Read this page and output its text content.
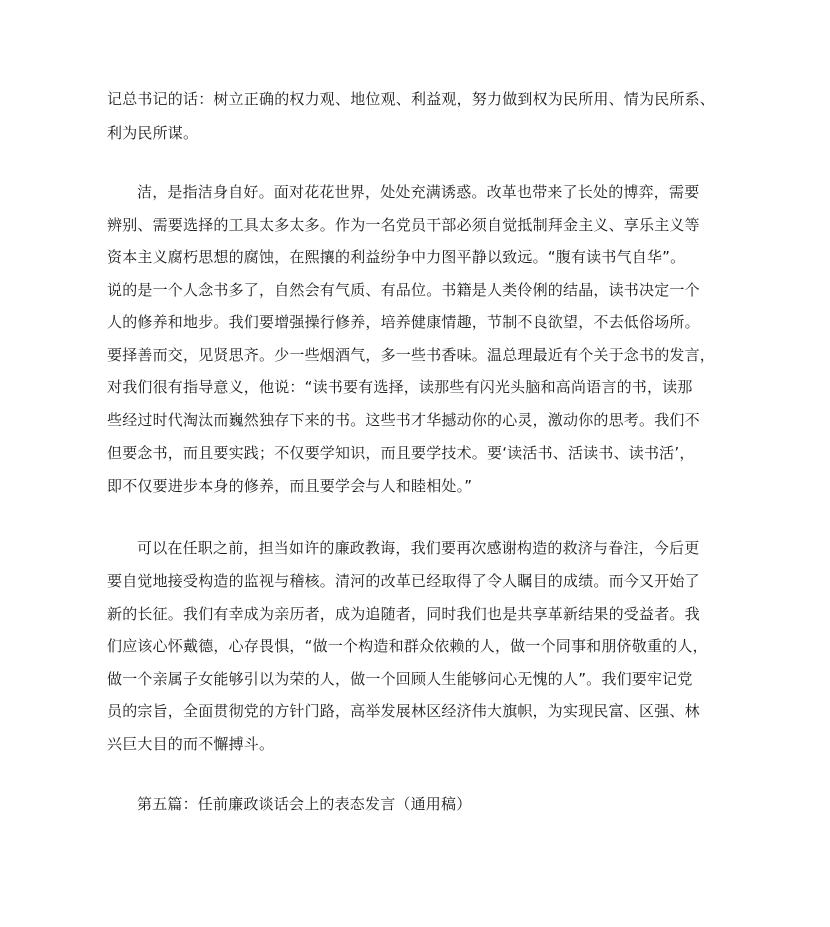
记总书记的话：树立正确的权力观、地位观、利益观，努力做到权为民所用、情为民所系、
利为民所谋。
洁，是指洁身自好。面对花花世界，处处充满诱惑。改革也带来了长处的博弈，需要
辨别、需要选择的工具太多太多。作为一名党员干部必须自觉抵制拜金主义、享乐主义等
资本主义腐朽思想的腐蚀，在熙攘的利益纷争中力图平静以致远。“腹有读书气自华”。
说的是一个人念书多了，自然会有气质、有品位。书籍是人类伶俐的结晶，读书决定一个
人的修养和地步。我们要增强操行修养，培养健康情趣，节制不良欲望，不去低俗场所。
要择善而交，见贤思齐。少一些烟酒气，多一些书香味。温总理最近有个关于念书的发言，
对我们很有指导意义，他说：“读书要有选择，读那些有闪光头脑和高尚语言的书，读那
些经过时代淘汰而巍然独存下来的书。这些书才华撼动你的心灵，激动你的思考。我们不
但要念书，而且要实践；不仅要学知识，而且要学技术。要‘读活书、活读书、读书活’，
即不仅要进步本身的修养，而且要学会与人和睦相处。”
可以在任职之前，担当如许的廉政教诲，我们要再次感谢构造的救济与眷注，今后更
要自觉地接受构造的监视与稽核。清河的改革已经取得了令人瞩目的成绩。而今又开始了
新的长征。我们有幸成为亲历者，成为追随者，同时我们也是共享革新结果的受益者。我
们应该心怀戴德，心存畏惧，“做一个构造和群众依赖的人，做一个同事和朋侪敬重的人，
做一个亲属子女能够引以为荣的人，做一个回顾人生能够问心无愧的人”。我们要牢记党
员的宗旨，全面贯彻党的方针门路，高举发展林区经济伟大旗帜，为实现民富、区强、林
兴巨大目的而不懈搏斗。
第五篇：任前廉政谈话会上的表态发言（通用稿）
